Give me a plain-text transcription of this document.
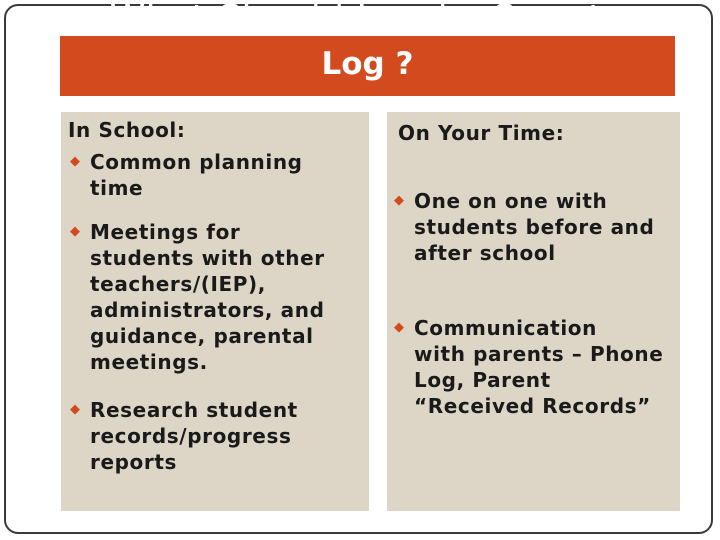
What Should I make Sure to
Log ?
In School:
◆ Common planning
time
◆ Meetings for
students with other teachers/(IEP), administrators, and guidance, parental meetings.
◆ Research student
records/progress reports
On Your Time:
◆ One on one with
students before and after school
◆ Communication
with parents – Phone Log, Parent “Received Records”
